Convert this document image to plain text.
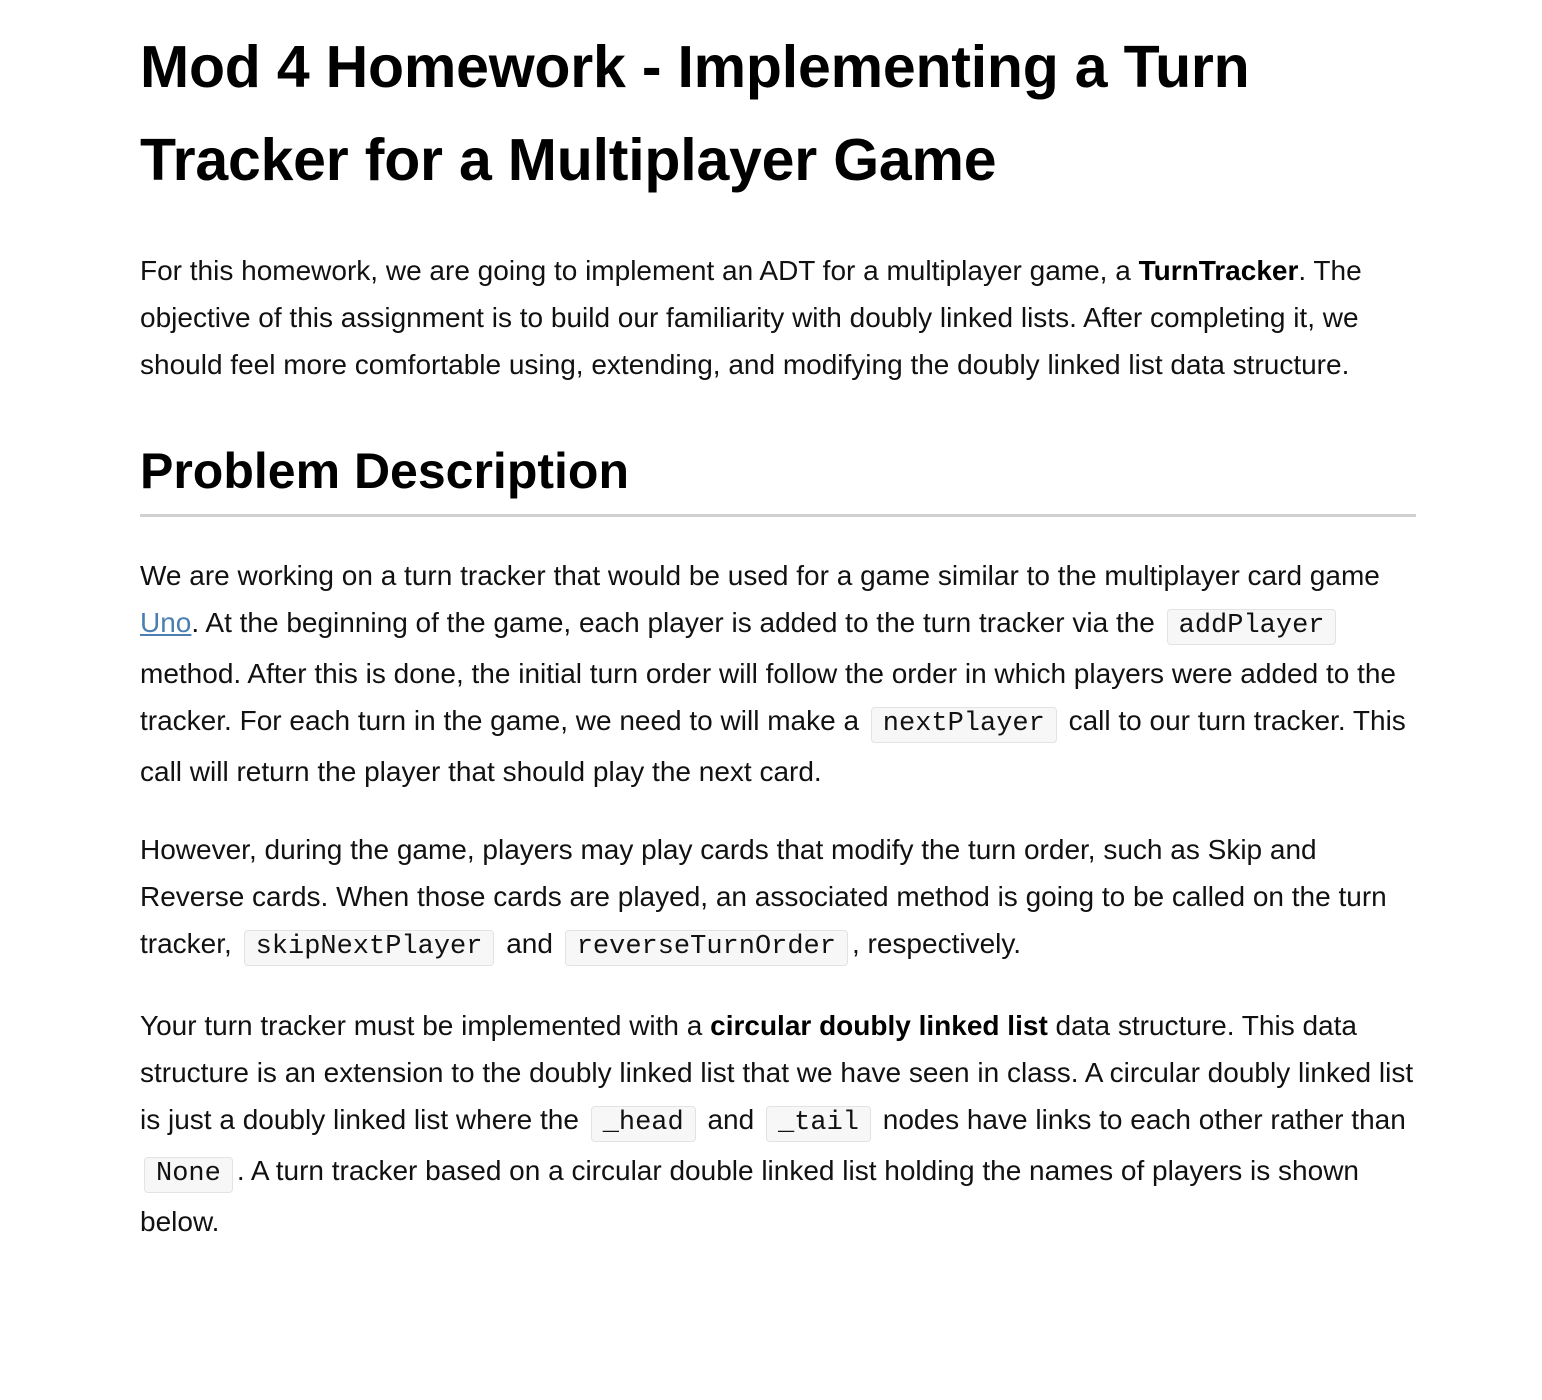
Mod 4 Homework - Implementing a Turn Tracker for a Multiplayer Game

For this homework, we are going to implement an ADT for a multiplayer game, a TurnTracker. The objective of this assignment is to build our familiarity with doubly linked lists. After completing it, we should feel more comfortable using, extending, and modifying the doubly linked list data structure.

Problem Description

We are working on a turn tracker that would be used for a game similar to the multiplayer card game Uno. At the beginning of the game, each player is added to the turn tracker via the addPlayer method. After this is done, the initial turn order will follow the order in which players were added to the tracker. For each turn in the game, we need to will make a nextPlayer call to our turn tracker. This call will return the player that should play the next card.

However, during the game, players may play cards that modify the turn order, such as Skip and Reverse cards. When those cards are played, an associated method is going to be called on the turn tracker, skipNextPlayer and reverseTurnOrder , respectively.

Your turn tracker must be implemented with a circular doubly linked list data structure. This data structure is an extension to the doubly linked list that we have seen in class. A circular doubly linked list is just a doubly linked list where the _head and _tail nodes have links to each other rather than None . A turn tracker based on a circular double linked list holding the names of players is shown below.
